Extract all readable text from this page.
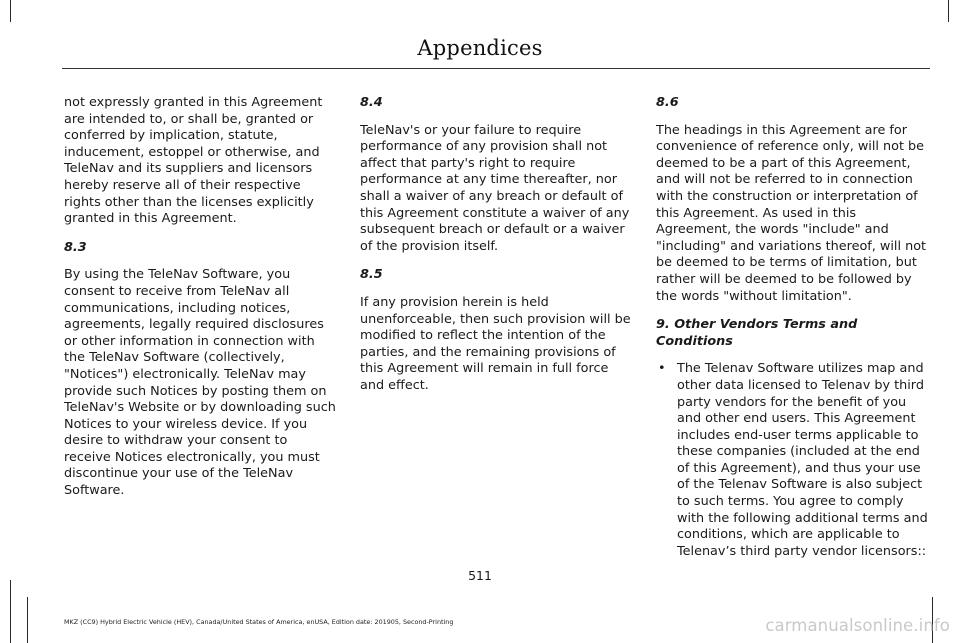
Appendices

not expressly granted in this Agreement are intended to, or shall be, granted or conferred by implication, statute, inducement, estoppel or otherwise, and TeleNav and its suppliers and licensors hereby reserve all of their respective rights other than the licenses explicitly granted in this Agreement.

8.3

By using the TeleNav Software, you consent to receive from TeleNav all communications, including notices, agreements, legally required disclosures or other information in connection with the TeleNav Software (collectively, "Notices") electronically. TeleNav may provide such Notices by posting them on TeleNav's Website or by downloading such Notices to your wireless device. If you desire to withdraw your consent to receive Notices electronically, you must discontinue your use of the TeleNav Software.

8.4

TeleNav's or your failure to require performance of any provision shall not affect that party's right to require performance at any time thereafter, nor shall a waiver of any breach or default of this Agreement constitute a waiver of any subsequent breach or default or a waiver of the provision itself.

8.5

If any provision herein is held unenforceable, then such provision will be modified to reflect the intention of the parties, and the remaining provisions of this Agreement will remain in full force and effect.

8.6

The headings in this Agreement are for convenience of reference only, will not be deemed to be a part of this Agreement, and will not be referred to in connection with the construction or interpretation of this Agreement. As used in this Agreement, the words "include" and "including" and variations thereof, will not be deemed to be terms of limitation, but rather will be deemed to be followed by the words "without limitation".

9. Other Vendors Terms and Conditions

• The Telenav Software utilizes map and other data licensed to Telenav by third party vendors for the benefit of you and other end users. This Agreement includes end-user terms applicable to these companies (included at the end of this Agreement), and thus your use of the Telenav Software is also subject to such terms. You agree to comply with the following additional terms and conditions, which are applicable to Telenav’s third party vendor licensors::
511
MKZ (CC9) Hybrid Electric Vehicle (HEV), Canada/United States of America, enUSA, Edition date: 201905, Second-Printing	carmanualsonline.info
